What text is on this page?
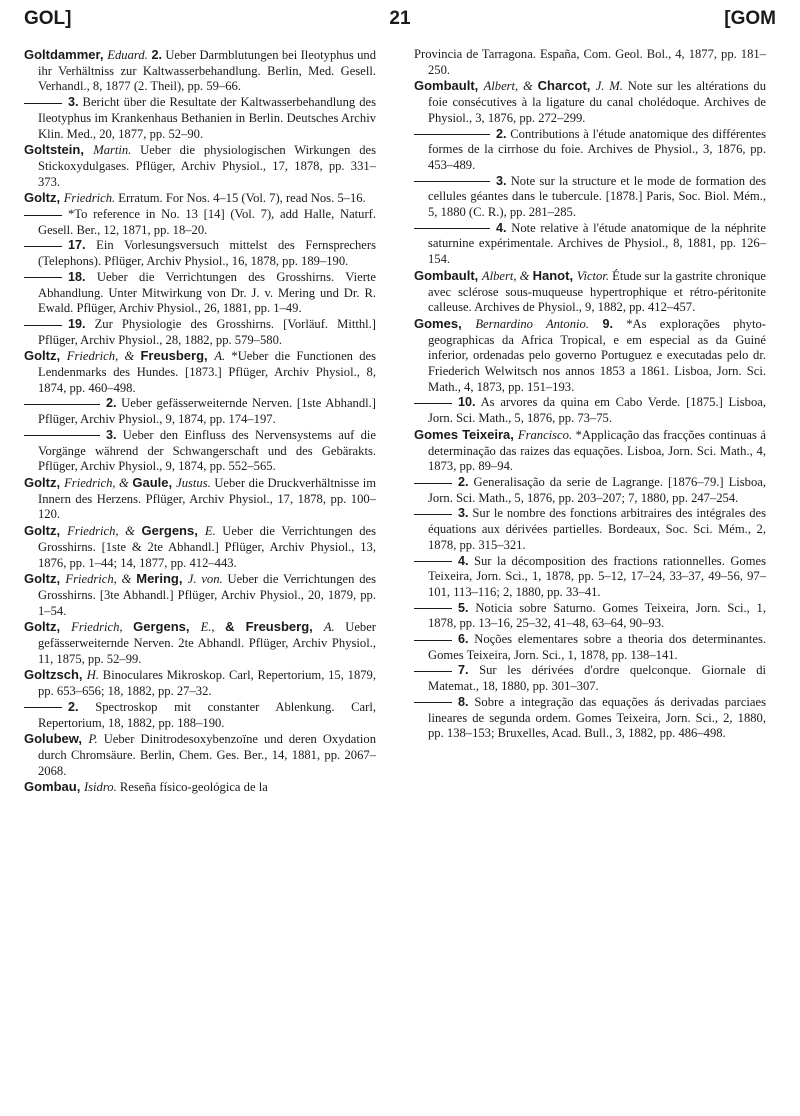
GOL]	21	[GOM
Goltdammer, Eduard. 2. Ueber Darmblutungen bei Ileotyphus und ihr Verhältniss zur Kaltwasserbehandlung. Berlin, Med. Gesell. Verhandl., 8, 1877 (2. Theil), pp. 59–66.
3. Bericht über die Resultate der Kaltwasserbehandlung des Ileotyphus im Krankenhaus Bethanien in Berlin. Deutsches Archiv Klin. Med., 20, 1877, pp. 52–90.
Goltstein, Martin. Ueber die physiologischen Wirkungen des Stickoxydulgases. Pflüger, Archiv Physiol., 17, 1878, pp. 331–373.
Goltz, Friedrich. Erratum. For Nos. 4–15 (Vol. 7), read Nos. 5–16.
*To reference in No. 13 [14] (Vol. 7), add Halle, Naturf. Gesell. Ber., 12, 1871, pp. 18–20.
17. Ein Vorlesungsversuch mittelst des Fernsprechers (Telephons). Pflüger, Archiv Physiol., 16, 1878, pp. 189–190.
18. Ueber die Verrichtungen des Grosshirns. Vierte Abhandlung. Unter Mitwirkung von Dr. J. v. Mering und Dr. R. Ewald. Pflüger, Archiv Physiol., 26, 1881, pp. 1–49.
19. Zur Physiologie des Grosshirns. [Vorläuf. Mitthl.] Pflüger, Archiv Physiol., 28, 1882, pp. 579–580.
Goltz, Friedrich, & Freusberg, A. *Ueber die Functionen des Lendenmarks des Hundes. [1873.] Pflüger, Archiv Physiol., 8, 1874, pp. 460–498.
2. Ueber gefässerweiternde Nerven. [1ste Abhandl.] Pflüger, Archiv Physiol., 9, 1874, pp. 174–197.
3. Ueber den Einfluss des Nervensystems auf die Vorgänge während der Schwangerschaft und des Gebärakts. Pflüger, Archiv Physiol., 9, 1874, pp. 552–565.
Goltz, Friedrich, & Gaule, Justus. Ueber die Druckverhältnisse im Innern des Herzens. Pflüger, Archiv Physiol., 17, 1878, pp. 100–120.
Goltz, Friedrich, & Gergens, E. Ueber die Verrichtungen des Grosshirns. [1ste & 2te Abhandl.] Pflüger, Archiv Physiol., 13, 1876, pp. 1–44; 14, 1877, pp. 412–443.
Goltz, Friedrich, & Mering, J. von. Ueber die Verrichtungen des Grosshirns. [3te Abhandl.] Pflüger, Archiv Physiol., 20, 1879, pp. 1–54.
Goltz, Friedrich, Gergens, E., & Freusberg, A. Ueber gefässerweiternde Nerven. 2te Abhandl. Pflüger, Archiv Physiol., 11, 1875, pp. 52–99.
Goltzsch, H. Binoculares Mikroskop. Carl, Repertorium, 15, 1879, pp. 653–656; 18, 1882, pp. 27–32.
2. Spectroskop mit constanter Ablenkung. Carl, Repertorium, 18, 1882, pp. 188–190.
Golubew, P. Ueber Dinitrodesoxybenzoïne und deren Oxydation durch Chromsäure. Berlin, Chem. Ges. Ber., 14, 1881, pp. 2067–2068.
Gombau, Isidro. Reseña físico-geológica de la
Provincia de Tarragona. España, Com. Geol. Bol., 4, 1877, pp. 181–250.
Gombault, Albert, & Charcot, J. M. Note sur les altérations du foie consécutives à la ligature du canal cholédoque. Archives de Physiol., 3, 1876, pp. 272–299.
2. Contributions à l'étude anatomique des différentes formes de la cirrhose du foie. Archives de Physiol., 3, 1876, pp. 453–489.
3. Note sur la structure et le mode de formation des cellules géantes dans le tubercule. [1878.] Paris, Soc. Biol. Mém., 5, 1880 (C. R.), pp. 281–285.
4. Note relative à l'étude anatomique de la néphrite saturnine expérimentale. Archives de Physiol., 8, 1881, pp. 126–154.
Gombault, Albert, & Hanot, Victor. Étude sur la gastrite chronique avec sclérose sous-muqueuse hypertrophique et rétro-péritonite calleuse. Archives de Physiol., 9, 1882, pp. 412–457.
Gomes, Bernardino Antonio. 9. *As explorações phyto-geographicas da Africa Tropical, e em especial as da Guiné inferior, ordenadas pelo governo Portuguez e executadas pelo dr. Friederich Welwitsch nos annos 1853 a 1861. Lisboa, Jorn. Sci. Math., 4, 1873, pp. 151–193.
10. As arvores da quina em Cabo Verde. [1875.] Lisboa, Jorn. Sci. Math., 5, 1876, pp. 73–75.
Gomes Teixeira, Francisco. *Applicação das fracções continuas á determinação das raizes das equações. Lisboa, Jorn. Sci. Math., 4, 1873, pp. 89–94.
2. Generalisação da serie de Lagrange. [1876–79.] Lisboa, Jorn. Sci. Math., 5, 1876, pp. 203–207; 7, 1880, pp. 247–254.
3. Sur le nombre des fonctions arbitraires des intégrales des équations aux dérivées partielles. Bordeaux, Soc. Sci. Mém., 2, 1878, pp. 315–321.
4. Sur la décomposition des fractions rationnelles. Gomes Teixeira, Jorn. Sci., 1, 1878, pp. 5–12, 17–24, 33–37, 49–56, 97–101, 113–116; 2, 1880, pp. 33–41.
5. Noticia sobre Saturno. Gomes Teixeira, Jorn. Sci., 1, 1878, pp. 13–16, 25–32, 41–48, 63–64, 90–93.
6. Noções elementares sobre a theoria dos determinantes. Gomes Teixeira, Jorn. Sci., 1, 1878, pp. 138–141.
7. Sur les dérivées d'ordre quelconque. Giornale di Matemat., 18, 1880, pp. 301–307.
8. Sobre a integração das equações ás derivadas parciaes lineares de segunda ordem. Gomes Teixeira, Jorn. Sci., 2, 1880, pp. 138–153; Bruxelles, Acad. Bull., 3, 1882, pp. 486–498.
